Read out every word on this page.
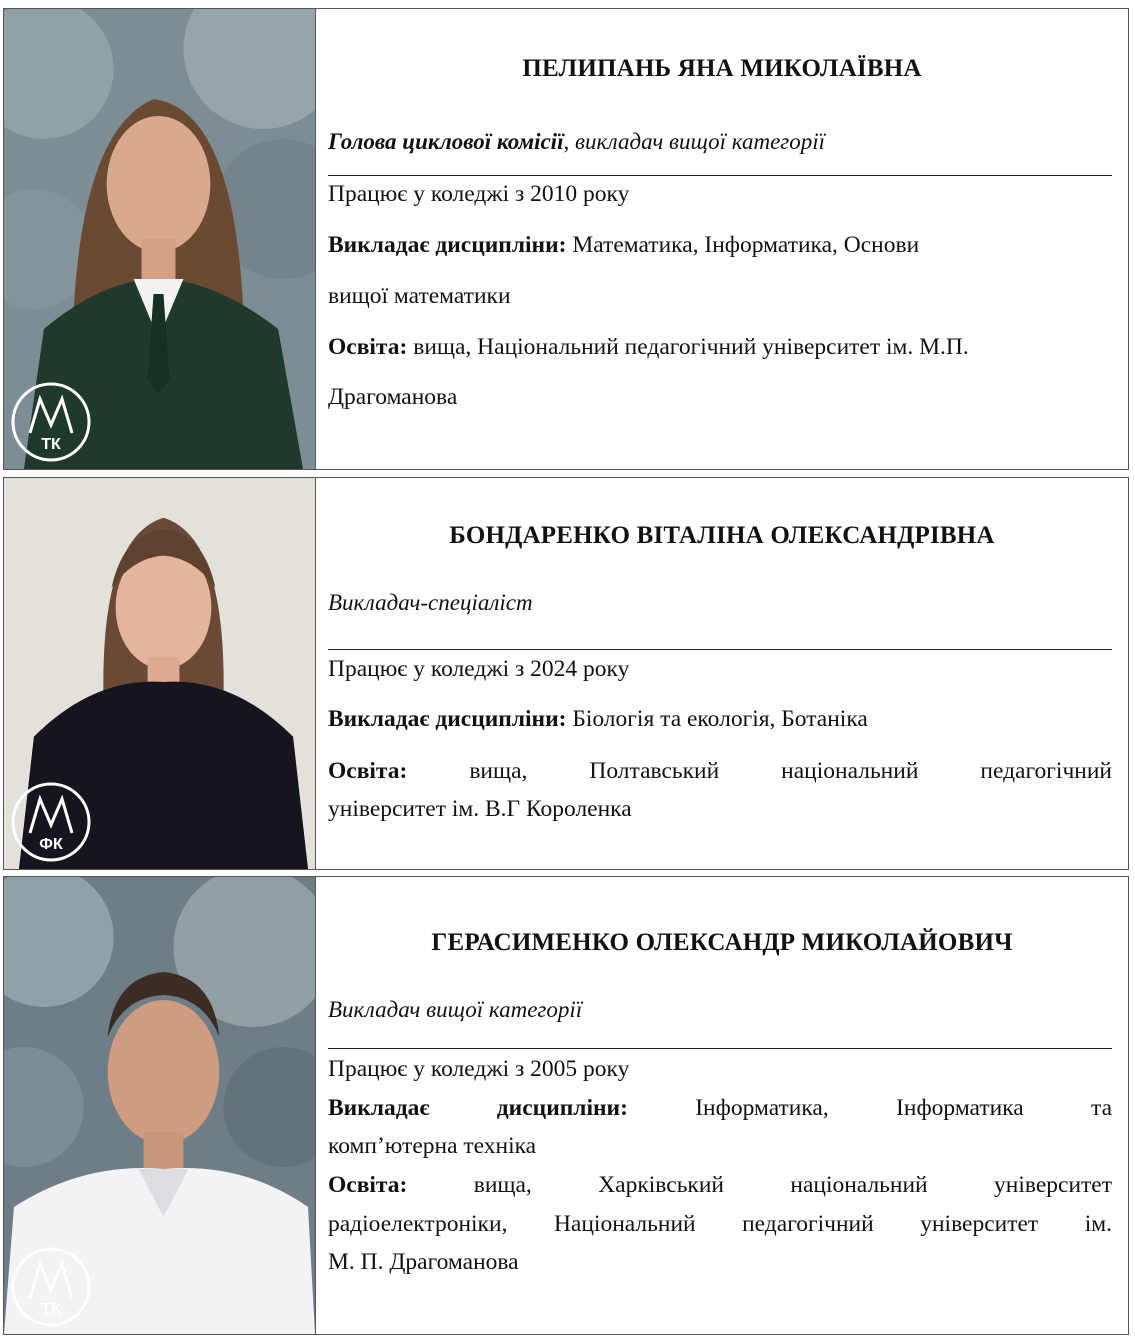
ТК
ПЕЛИПАНЬ ЯНА МИКОЛАЇВНА
Голова циклової комісії, викладач вищої категорії
Працює у коледжі з 2010 року
Викладає дисципліни: Математика, Інформатика, Основи
вищої математики
Освіта: вища, Національний педагогічний університет ім. М.П.
Драгоманова
ФК
БОНДАРЕНКО ВІТАЛІНА ОЛЕКСАНДРІВНА
Викладач-спеціаліст
Працює у коледжі з 2024 року
Викладає дисципліни: Біологія та екологія, Ботаніка
Освіта: вища, Полтавський національний педагогічний
університет ім. В.Г Короленка
ТК
ГЕРАСИМЕНКО ОЛЕКСАНДР МИКОЛАЙОВИЧ
Викладач вищої категорії
Працює у коледжі з 2005 року
Викладає дисципліни: Інформатика, Інформатика та
комп’ютерна техніка
Освіта: вища, Харківський національний університет
радіоелектроніки, Національний педагогічний університет ім.
М. П. Драгоманова
